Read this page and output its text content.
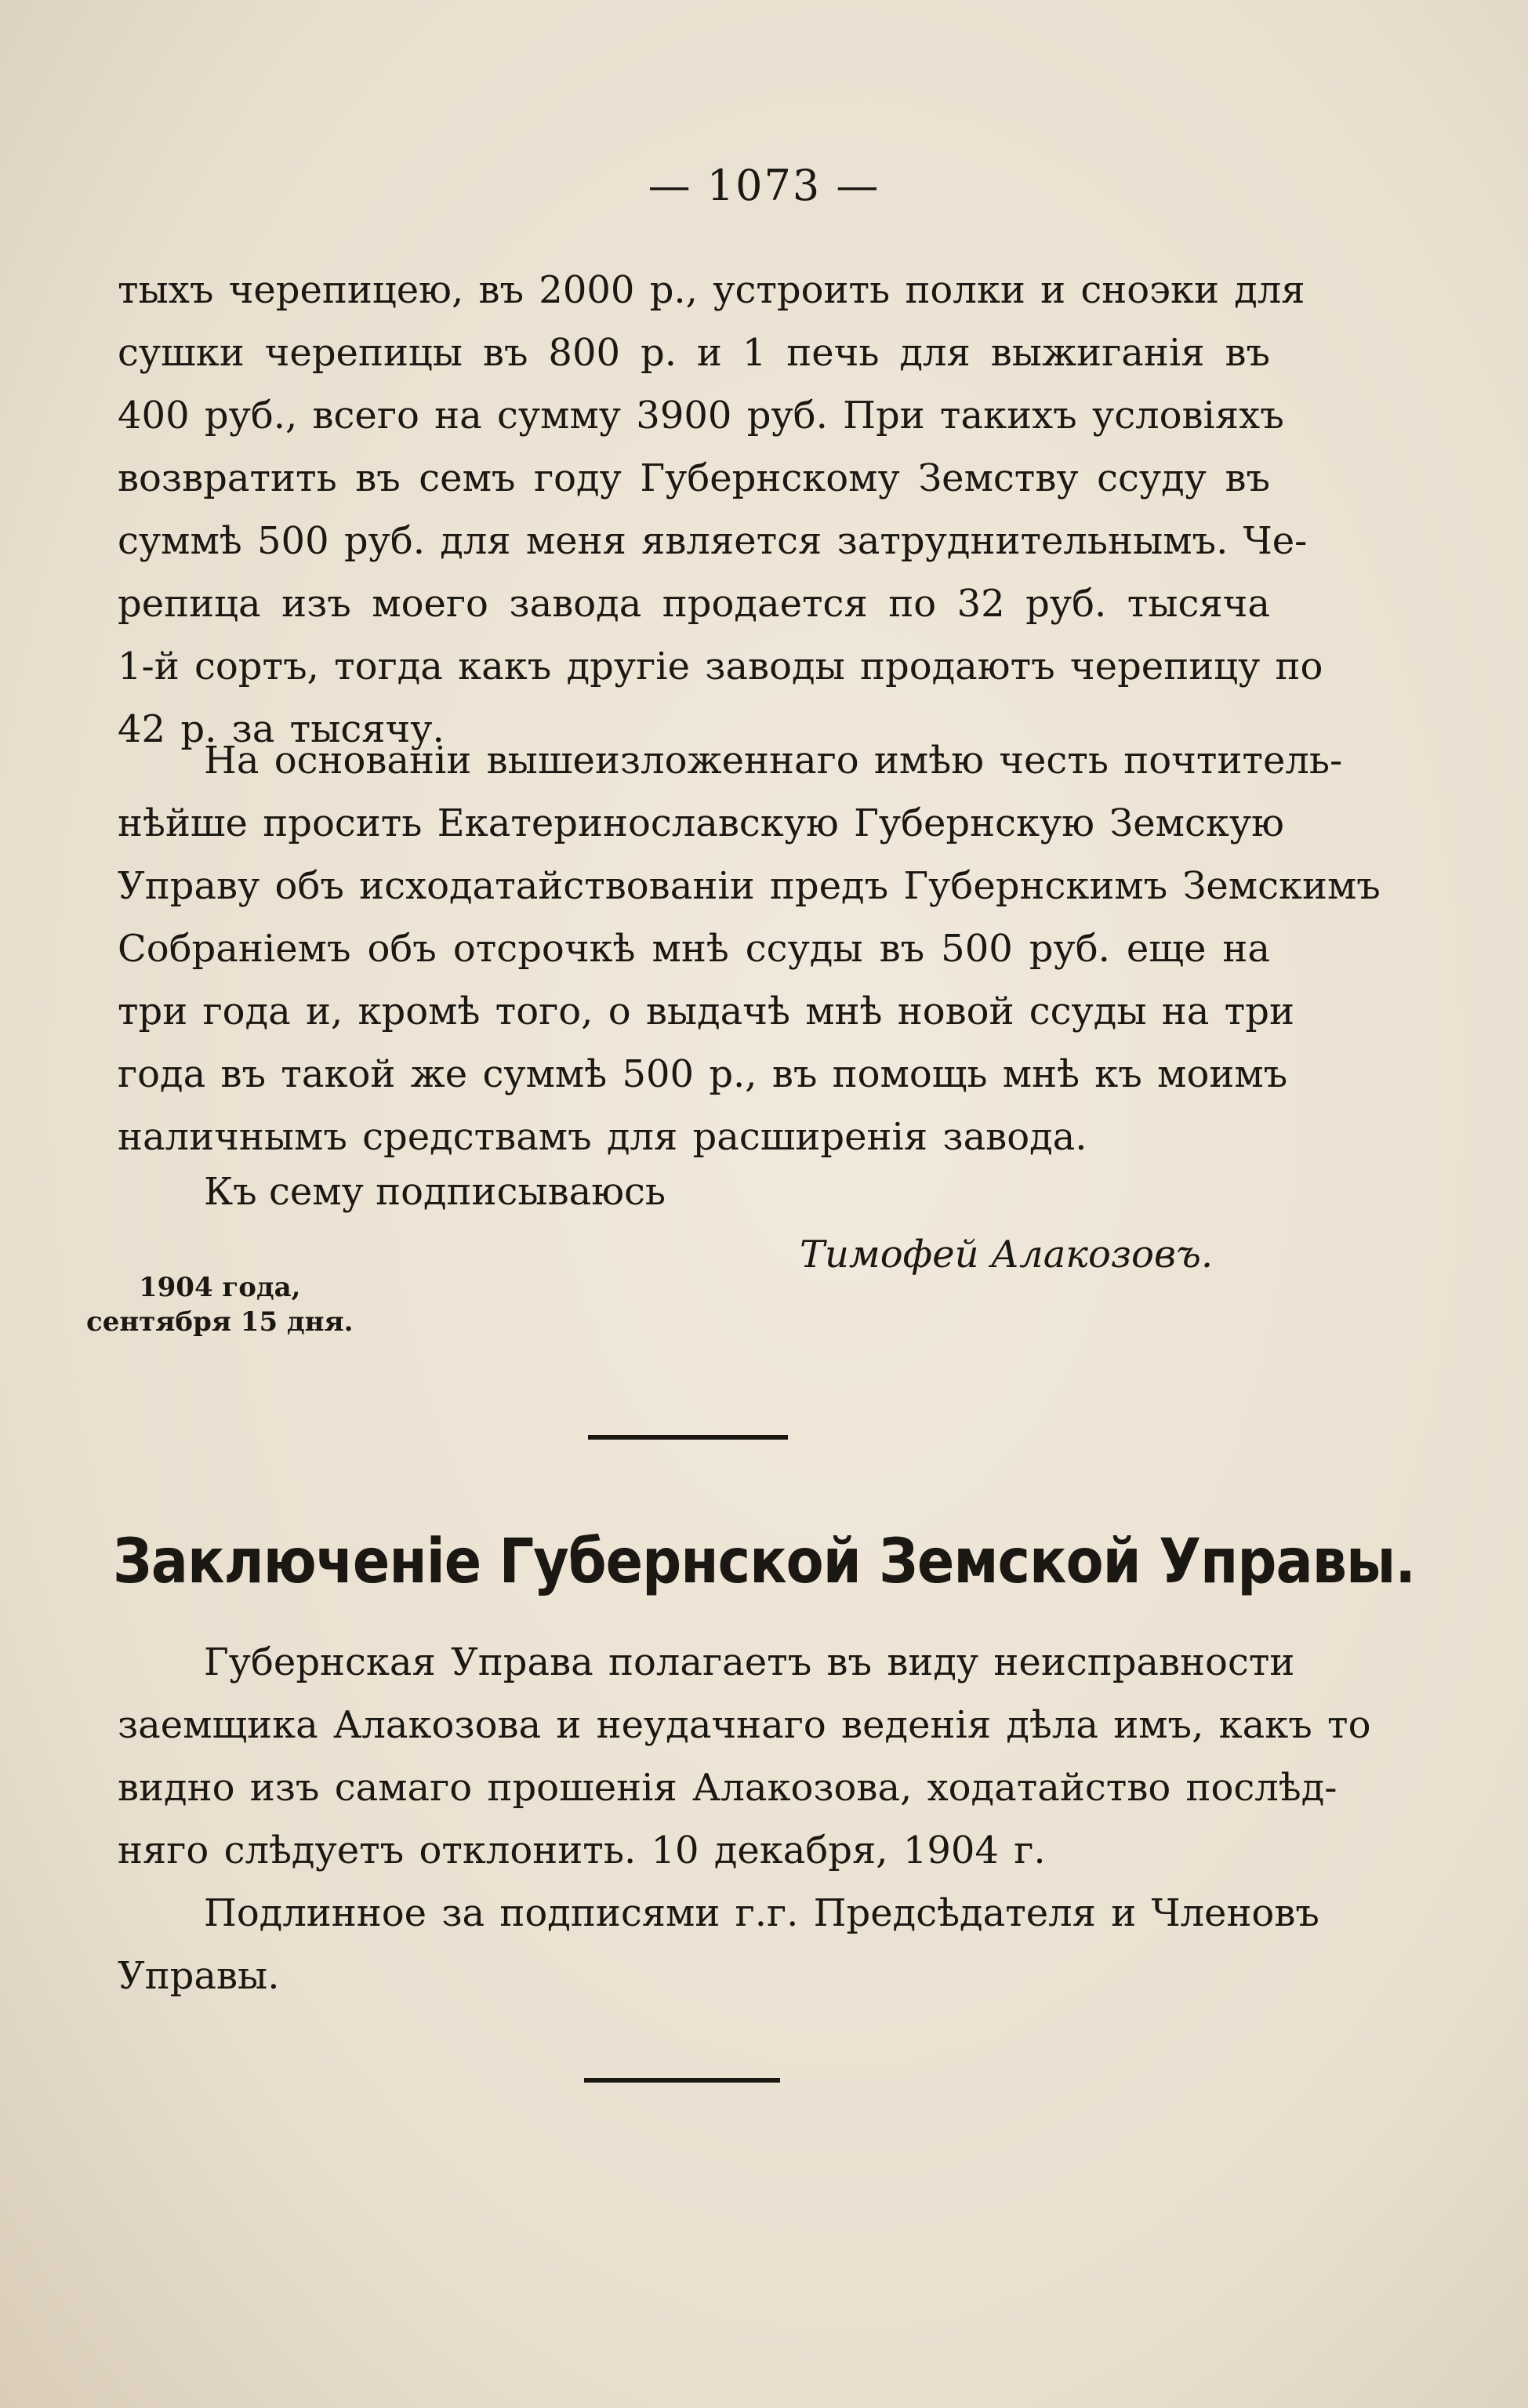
— 1073 —
тыхъ черепицею, въ 2000 р., устроить полки и сноэки для
сушки черепицы въ 800 р. и 1 печь для выжиганія въ
400 руб., всего на сумму 3900 руб. При такихъ условіяхъ
возвратить въ семъ году Губернскому Земству ссуду въ
суммѣ 500 руб. для меня является затруднительнымъ. Че-
репица изъ моего завода продается по 32 руб. тысяча
1-й сортъ, тогда какъ другіе заводы продаютъ черепицу по
42 р. за тысячу.
На основаніи вышеизложеннаго имѣю честь почтитель-
нѣйше просить Екатеринославскую Губернскую Земскую
Управу объ исходатайствованіи предъ Губернскимъ Земскимъ
Собраніемъ объ отсрочкѣ мнѣ ссуды въ 500 руб. еще на
три года и, кромѣ того, о выдачѣ мнѣ новой ссуды на три
года въ такой же суммѣ 500 р., въ помощь мнѣ къ моимъ
наличнымъ средствамъ для расширенія завода.
Къ сему подписываюсь
Тимофей Алакозовъ.
1904 года,
сентября 15 дня.
Заключеніе Губернской Земской Управы.
Губернская Управа полагаетъ въ виду неисправности
заемщика Алакозова и неудачнаго веденія дѣла имъ, какъ то
видно изъ самаго прошенія Алакозова, ходатайство послѣд-
няго слѣдуетъ отклонить. 10 декабря, 1904 г.
Подлинное за подписями г.г. Предсѣдателя и Членовъ
Управы.
